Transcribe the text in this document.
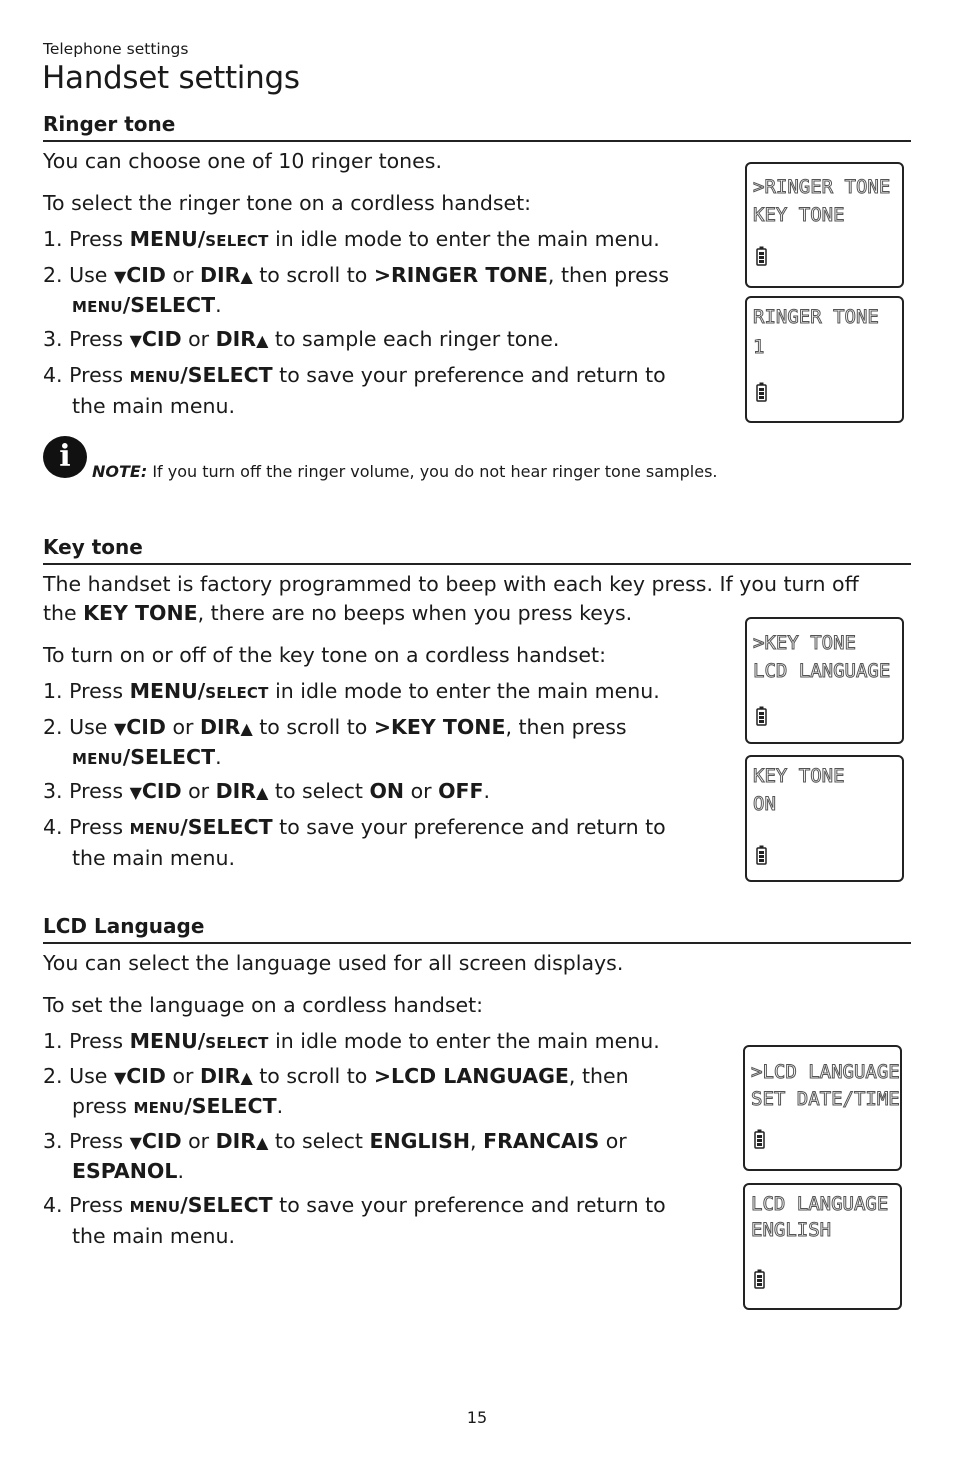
Telephone settings
Handset settings
Ringer tone
You can choose one of 10 ringer tones.
To select the ringer tone on a cordless handset:
1. Press MENU/SELECT in idle mode to enter the main menu.
2. Use ▼CID or DIR▲ to scroll to >RINGER TONE, then press
MENU/SELECT.
3. Press ▼CID or DIR▲ to sample each ringer tone.
4. Press MENU/SELECT to save your preference and return to
the main menu.
i	NOTE: If you turn off the ringer volume, you do not hear ringer tone samples.
>RINGER TONE
KEY TONE
RINGER TONE
1
Key tone
The handset is factory programmed to beep with each key press. If you turn off
the KEY TONE, there are no beeps when you press keys.
To turn on or off of the key tone on a cordless handset:
1. Press MENU/SELECT in idle mode to enter the main menu.
2. Use ▼CID or DIR▲ to scroll to >KEY TONE, then press
MENU/SELECT.
3. Press ▼CID or DIR▲ to select ON or OFF.
4. Press MENU/SELECT to save your preference and return to
the main menu.
>KEY TONE
LCD LANGUAGE
KEY TONE
ON
LCD Language
You can select the language used for all screen displays.
To set the language on a cordless handset:
1. Press MENU/SELECT in idle mode to enter the main menu.
2. Use ▼CID or DIR▲ to scroll to >LCD LANGUAGE, then
press MENU/SELECT.
3. Press ▼CID or DIR▲ to select ENGLISH, FRANCAIS or
ESPANOL.
4. Press MENU/SELECT to save your preference and return to
the main menu.
>LCD LANGUAGE
SET DATE/TIME
LCD LANGUAGE
ENGLISH
15
